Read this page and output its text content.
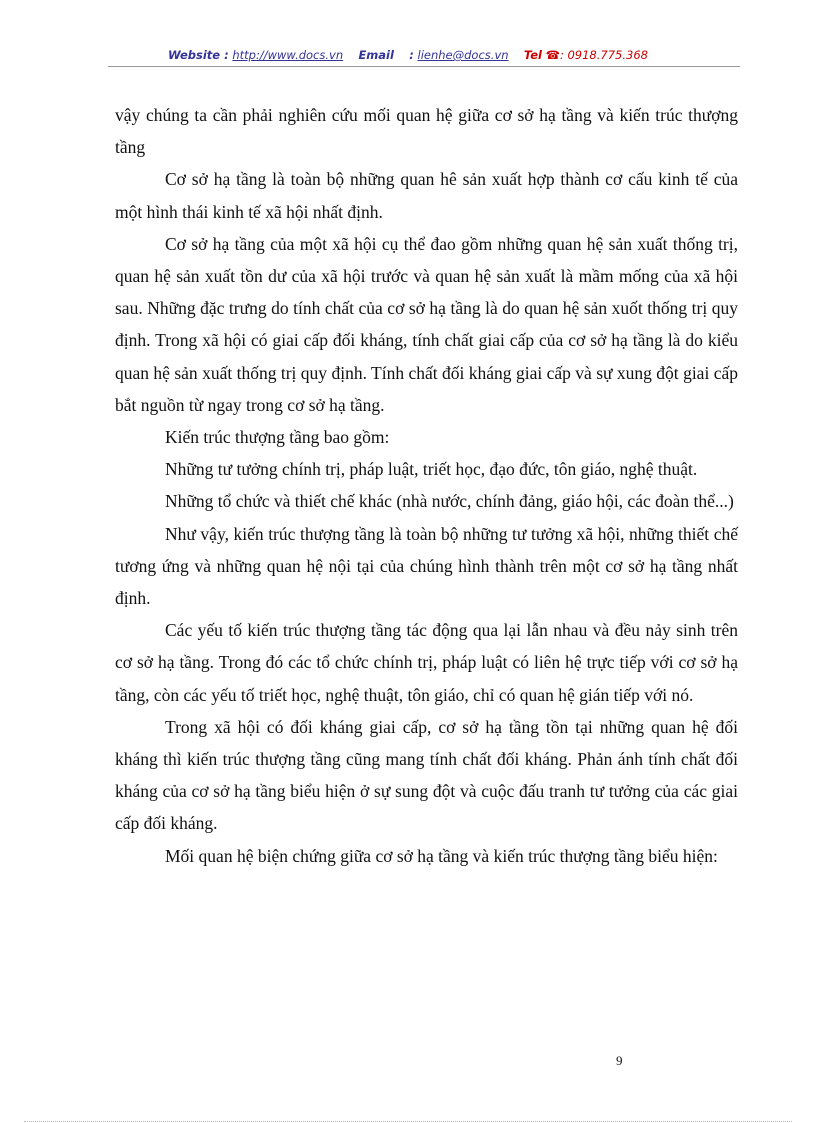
Website : http://www.docs.vn Email : lienhe@docs.vn Tel ☎: 0918.775.368

vậy chúng ta cần phải nghiên cứu mối quan hệ giữa cơ sở hạ tầng và kiến trúc thượng tầng

Cơ sở hạ tầng là toàn bộ những quan hê sản xuất hợp thành cơ cấu kinh tế của một hình thái kinh tế xã hội nhất định.

Cơ sở hạ tầng của một xã hội cụ thể đao gồm những quan hệ sản xuất thống trị, quan hệ sản xuất tồn dư của xã hội trước và quan hệ sản xuất là mầm mống của xã hội sau. Những đặc trưng do tính chất của cơ sở hạ tầng là do quan hệ sản xuốt thống trị quy định. Trong xã hội có giai cấp đối kháng, tính chất giai cấp của cơ sở hạ tầng là do kiểu quan hệ sản xuất thống trị quy định. Tính chất đối kháng giai cấp và sự xung đột giai cấp bắt nguồn từ ngay trong cơ sở hạ tầng.

Kiến trúc thượng tầng bao gồm:

Những tư tưởng chính trị, pháp luật, triết học, đạo đức, tôn giáo, nghệ thuật.

Những tổ chức và thiết chế khác (nhà nước, chính đảng, giáo hội, các đoàn thể...)

Như vậy, kiến trúc thượng tầng là toàn bộ những tư tưởng xã hội, những thiết chế tương ứng và những quan hệ nội tại của chúng hình thành trên một cơ sở hạ tầng nhất định.

Các yếu tố kiến trúc thượng tầng tác động qua lại lẫn nhau và đều nảy sinh trên cơ sở hạ tầng. Trong đó các tổ chức chính trị, pháp luật có liên hệ trực tiếp với cơ sở hạ tầng, còn các yếu tố triết học, nghệ thuật, tôn giáo, chỉ có quan hệ gián tiếp với nó.

Trong xã hội có đối kháng giai cấp, cơ sở hạ tầng tồn tại những quan hệ đối kháng thì kiến trúc thượng tầng cũng mang tính chất đối kháng. Phản ánh tính chất đối kháng của cơ sở hạ tầng biểu hiện ở sự sung đột và cuộc đấu tranh tư tưởng của các giai cấp đối kháng.

Mối quan hệ biện chứng giữa cơ sở hạ tầng và kiến trúc thượng tầng biểu hiện:

9
